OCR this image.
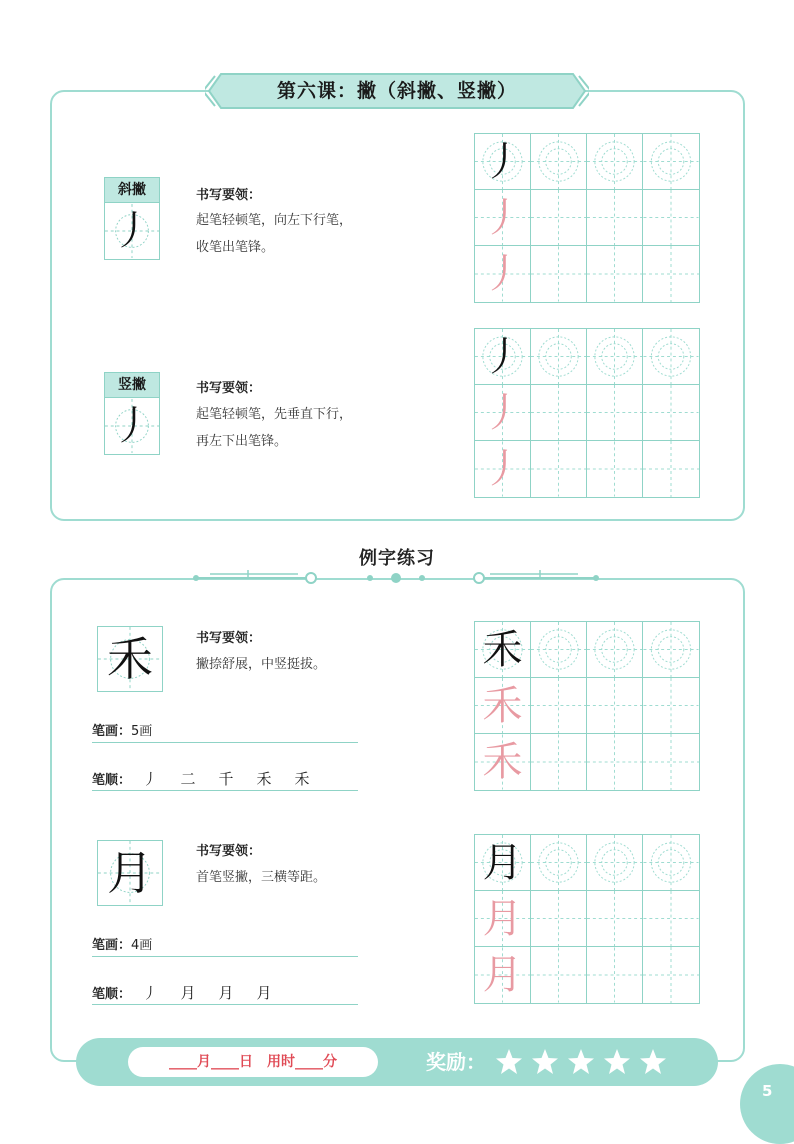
第六课：撇（斜撇、竖撇）
斜撇
丿
书写要领：
起笔轻顿笔，向左下行笔，
收笔出笔锋。
丿
丿
丿
竖撇
丿
书写要领：
起笔轻顿笔，先垂直下行，
再左下出笔锋。
丿
丿
丿
例字练习
禾	书写要领：
撇捺舒展，中竖挺拔。
笔画：5画
笔顺： 丿 二 千 禾 禾
禾
禾
禾
月	书写要领：
首笔竖撇，三横等距。
笔画：4画
笔顺： 丿 月 月 月
月
月
月
____月____日　用时____分	奖励：
5
